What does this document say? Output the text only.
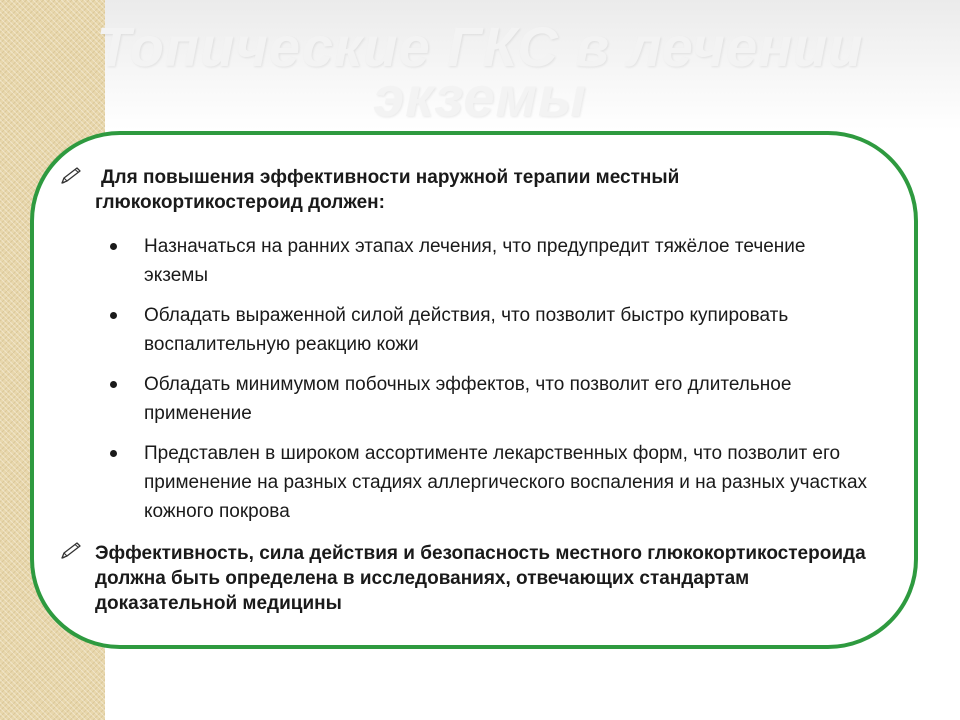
Топические ГКС в лечении экземы
Для повышения эффективности наружной терапии местный глюкокортикостероид должен:
Назначаться на ранних этапах лечения, что предупредит тяжёлое течение экземы
Обладать выраженной силой действия, что позволит быстро купировать воспалительную реакцию кожи
Обладать минимумом побочных эффектов, что позволит его длительное применение
Представлен в широком ассортименте лекарственных форм, что позволит его применение на разных стадиях аллергического воспаления и на разных участках кожного покрова
Эффективность, сила действия и безопасность местного глюкокортикостероида должна быть определена в исследованиях, отвечающих стандартам доказательной медицины
